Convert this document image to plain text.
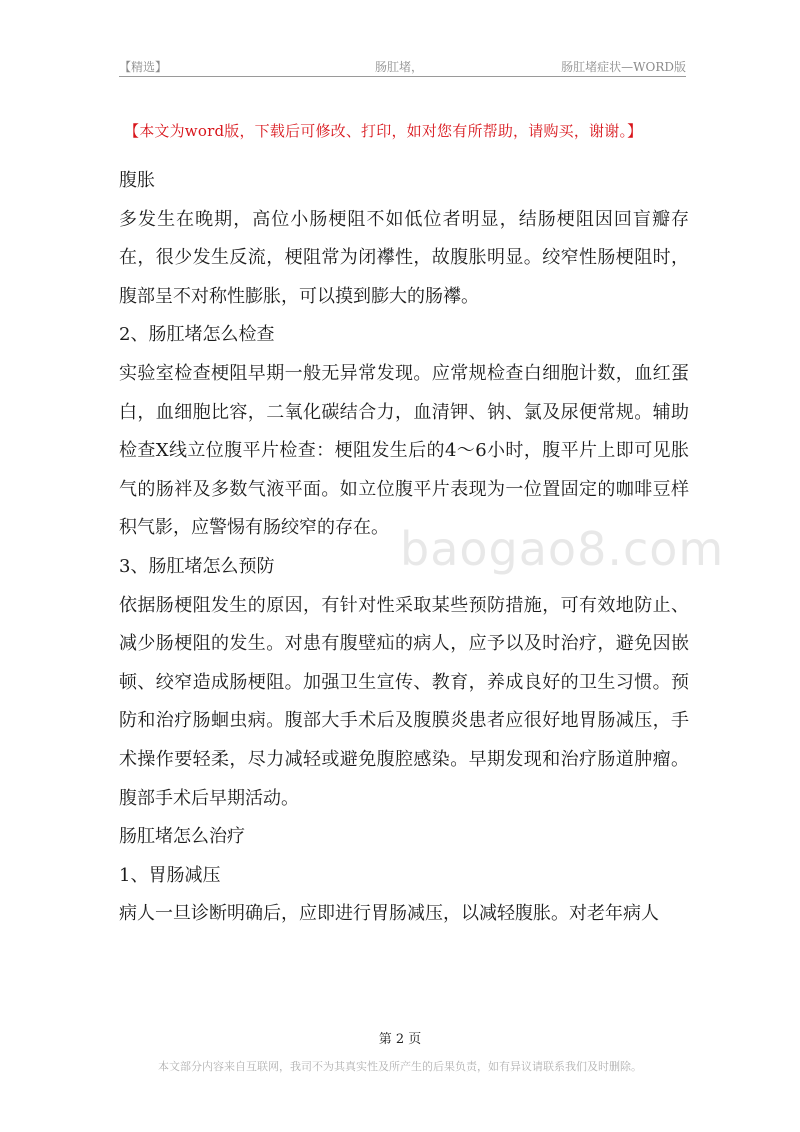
【精选】	肠肛堵，	肠肛堵症状—WORD版
【本文为word版，下载后可修改、打印，如对您有所帮助，请购买，谢谢。】

腹胀

多发生在晚期，高位小肠梗阻不如低位者明显，结肠梗阻因回盲瓣存在，很少发生反流，梗阻常为闭襻性，故腹胀明显。绞窄性肠梗阻时，腹部呈不对称性膨胀，可以摸到膨大的肠襻。

2、肠肛堵怎么检查

实验室检查梗阻早期一般无异常发现。应常规检查白细胞计数，血红蛋白，血细胞比容，二氧化碳结合力，血清钾、钠、氯及尿便常规。辅助检查X线立位腹平片检查：梗阻发生后的4～6小时，腹平片上即可见胀气的肠袢及多数气液平面。如立位腹平片表现为一位置固定的咖啡豆样积气影，应警惕有肠绞窄的存在。

3、肠肛堵怎么预防

依据肠梗阻发生的原因，有针对性采取某些预防措施，可有效地防止、减少肠梗阻的发生。对患有腹壁疝的病人，应予以及时治疗，避免因嵌顿、绞窄造成肠梗阻。加强卫生宣传、教育，养成良好的卫生习惯。预防和治疗肠蛔虫病。腹部大手术后及腹膜炎患者应很好地胃肠减压，手术操作要轻柔，尽力减轻或避免腹腔感染。早期发现和治疗肠道肿瘤。腹部手术后早期活动。

肠肛堵怎么治疗

1、胃肠减压

病人一旦诊断明确后，应即进行胃肠减压，以减轻腹胀。对老年病人

baogao8.com
第 2 页
本文部分内容来自互联网，我司不为其真实性及所产生的后果负责，如有异议请联系我们及时删除。
